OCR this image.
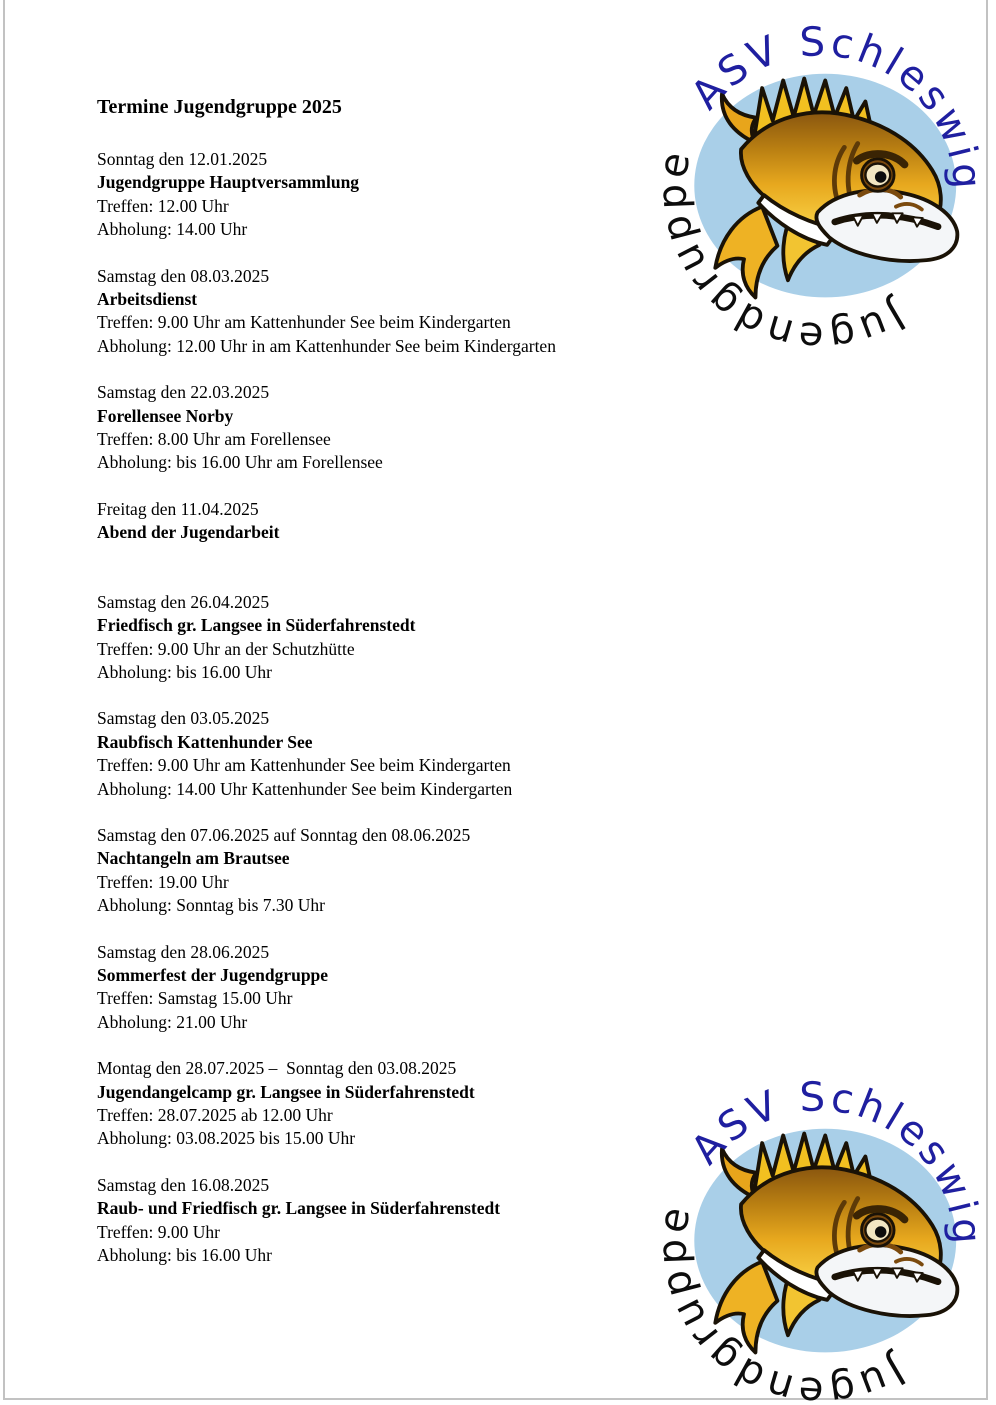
Termine Jugendgruppe 2025

Sonntag den 12.01.2025

Jugendgruppe Hauptversammlung

Treffen: 12.00 Uhr

Abholung: 14.00 Uhr

Samstag den 08.03.2025

Arbeitsdienst

Treffen: 9.00 Uhr am Kattenhunder See beim Kindergarten

Abholung: 12.00 Uhr in am Kattenhunder See beim Kindergarten

Samstag den 22.03.2025

Forellensee Norby

Treffen: 8.00 Uhr am Forellensee

Abholung: bis 16.00 Uhr am Forellensee

Freitag den 11.04.2025

Abend der Jugendarbeit

Samstag den 26.04.2025

Friedfisch gr. Langsee in Süderfahrenstedt

Treffen: 9.00 Uhr an der Schutzhütte

Abholung: bis 16.00 Uhr

Samstag den 03.05.2025

Raubfisch Kattenhunder See

Treffen: 9.00 Uhr am Kattenhunder See beim Kindergarten

Abholung: 14.00 Uhr Kattenhunder See beim Kindergarten

Samstag den 07.06.2025 auf Sonntag den 08.06.2025

Nachtangeln am Brautsee

Treffen: 19.00 Uhr

Abholung: Sonntag bis 7.30 Uhr

Samstag den 28.06.2025

Sommerfest der Jugendgruppe

Treffen: Samstag 15.00 Uhr

Abholung: 21.00 Uhr

Montag den 28.07.2025 –  Sonntag den 03.08.2025

Jugendangelcamp gr. Langsee in Süderfahrenstedt

Treffen: 28.07.2025 ab 12.00 Uhr

Abholung: 03.08.2025 bis 15.00 Uhr

Samstag den 16.08.2025

Raub- und Friedfisch gr. Langsee in Süderfahrenstedt

Treffen: 9.00 Uhr

Abholung: bis 16.00 Uhr
